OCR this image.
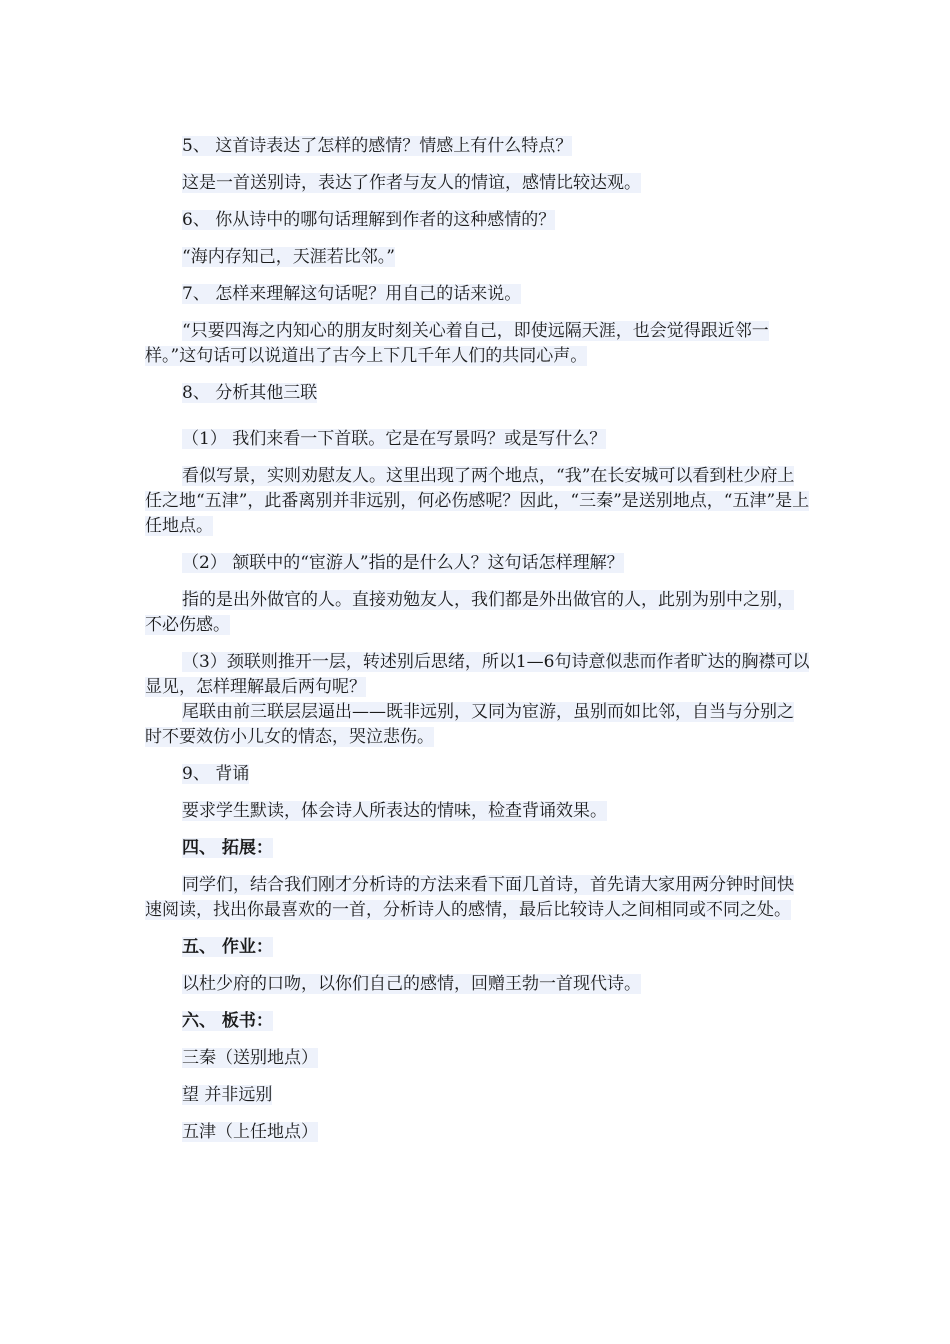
5、 这首诗表达了怎样的感情？情感上有什么特点？

这是一首送别诗，表达了作者与友人的情谊，感情比较达观。

6、 你从诗中的哪句话理解到作者的这种感情的？

“海内存知己，天涯若比邻。”

7、 怎样来理解这句话呢？用自己的话来说。

“只要四海之内知心的朋友时刻关心着自己，即使远隔天涯，也会觉得跟近邻一样。”这句话可以说道出了古今上下几千年人们的共同心声。

8、 分析其他三联

（1） 我们来看一下首联。它是在写景吗？或是写什么？

看似写景，实则劝慰友人。这里出现了两个地点，“我”在长安城可以看到杜少府上任之地“五津”，此番离别并非远别，何必伤感呢？因此，“三秦”是送别地点，“五津”是上任地点。

（2） 颔联中的“宦游人”指的是什么人？这句话怎样理解？

指的是出外做官的人。直接劝勉友人，我们都是外出做官的人，此别为别中之别，不必伤感。

（3）颈联则推开一层，转述别后思绪，所以1—6句诗意似悲而作者旷达的胸襟可以显见，怎样理解最后两句呢？

尾联由前三联层层逼出——既非远别，又同为宦游，虽别而如比邻，自当与分别之时不要效仿小儿女的情态，哭泣悲伤。

9、 背诵

要求学生默读，体会诗人所表达的情味，检查背诵效果。

四、 拓展：

同学们，结合我们刚才分析诗的方法来看下面几首诗，首先请大家用两分钟时间快速阅读，找出你最喜欢的一首，分析诗人的感情，最后比较诗人之间相同或不同之处。

五、 作业：

以杜少府的口吻，以你们自己的感情，回赠王勃一首现代诗。

六、 板书：

三秦（送别地点）

望 并非远别

五津（上任地点）
